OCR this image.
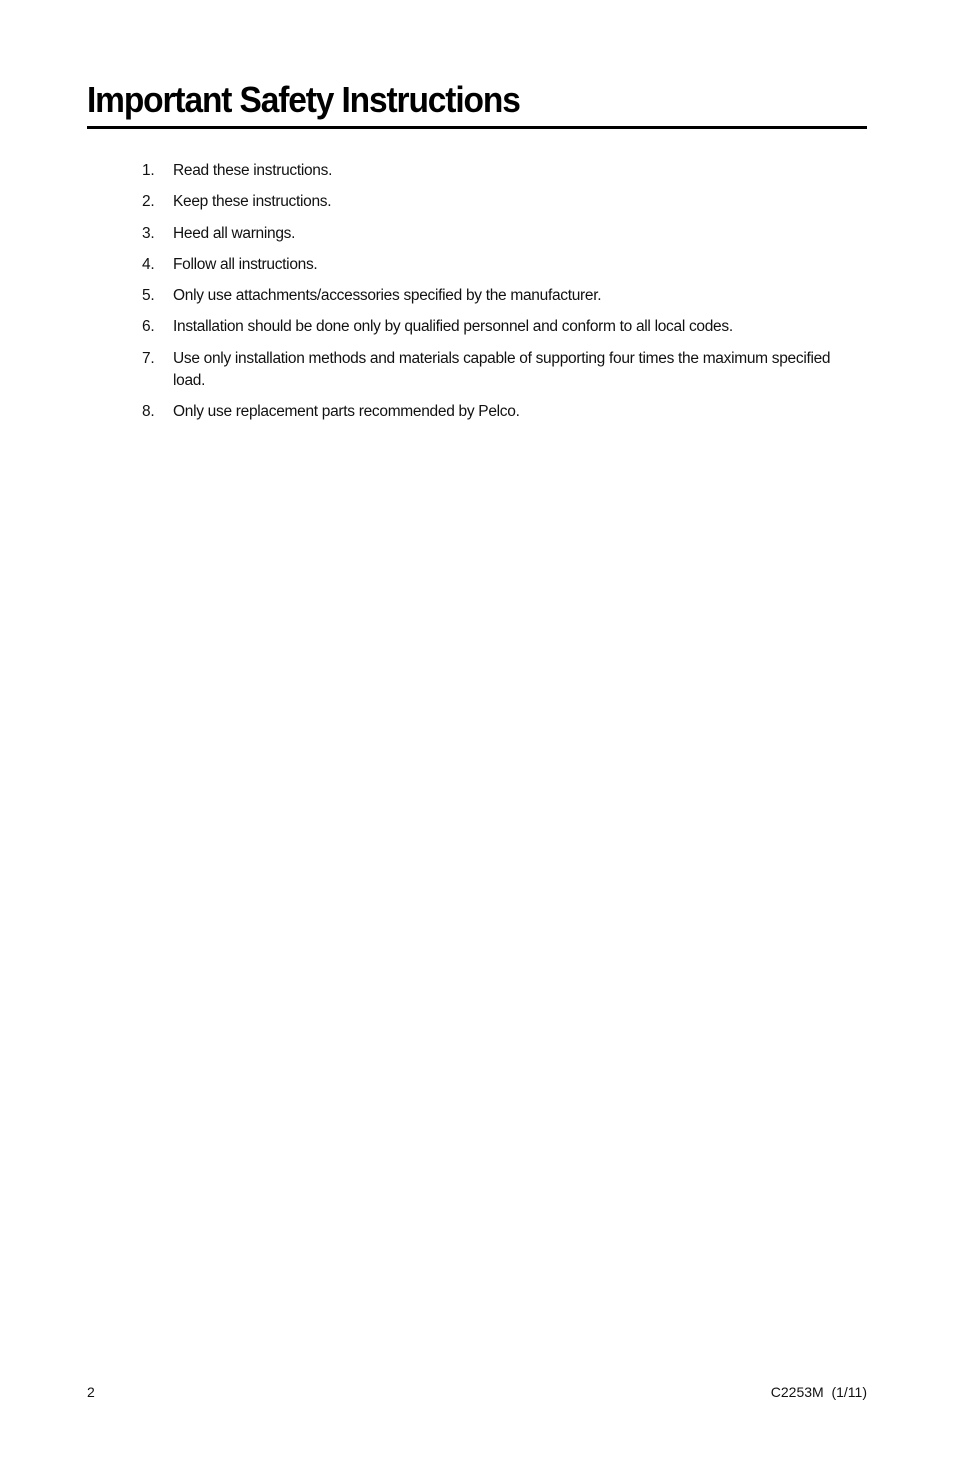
Important Safety Instructions
1.	Read these instructions.
2.	Keep these instructions.
3.	Heed all warnings.
4.	Follow all instructions.
5.	Only use attachments/accessories specified by the manufacturer.
6.	Installation should be done only by qualified personnel and conform to all local codes.
7.	Use only installation methods and materials capable of supporting four times the maximum specified load.
8.	Only use replacement parts recommended by Pelco.
2	C2253M  (1/11)
